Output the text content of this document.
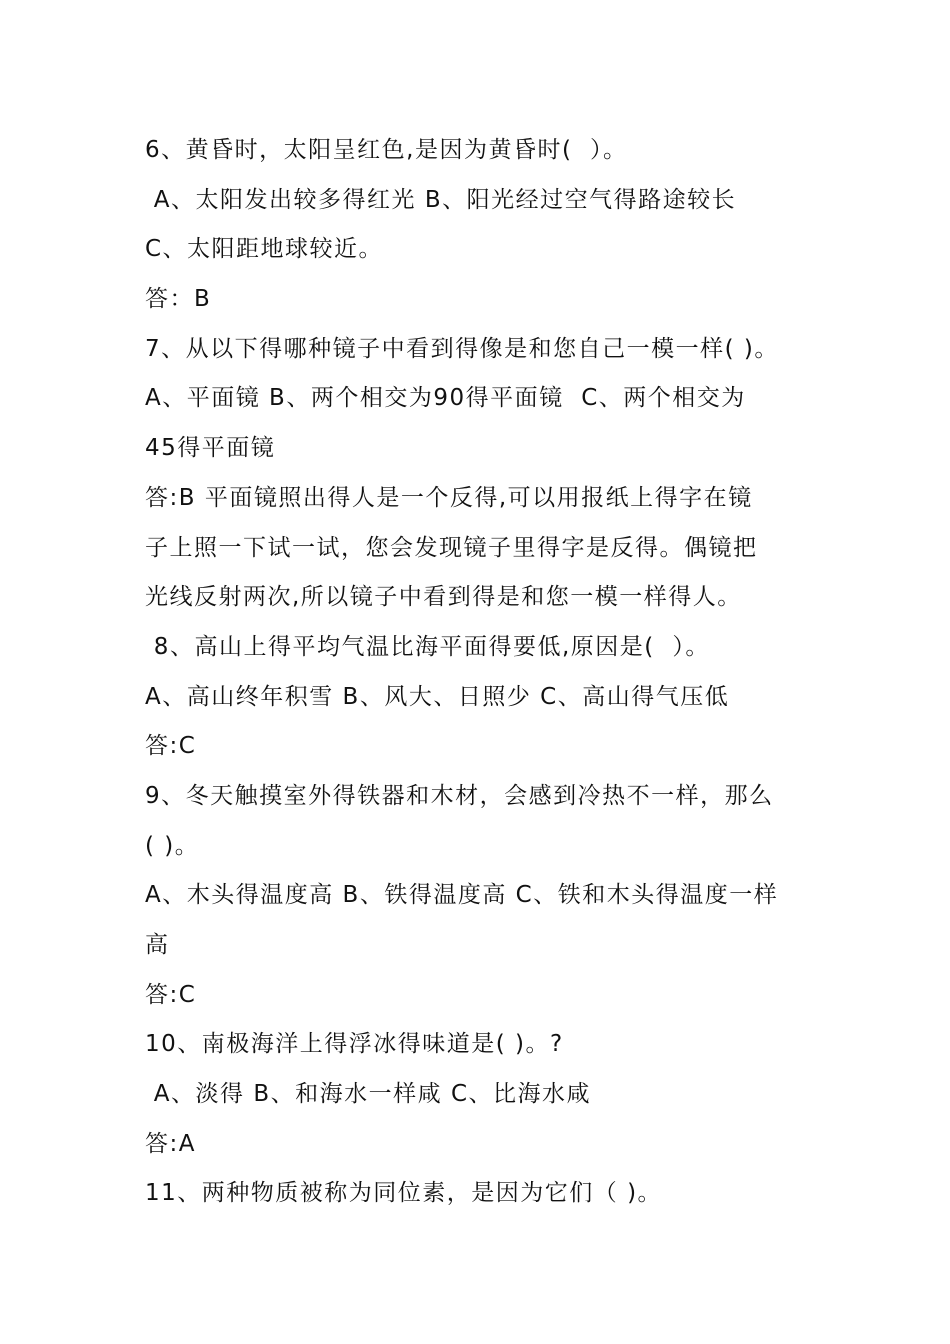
6、黄昏时，太阳呈红色,是因为黄昏时(  ）。
A、太阳发出较多得红光 B、阳光经过空气得路途较长
C、太阳距地球较近。
答：B
7、从以下得哪种镜子中看到得像是和您自己一模一样( )。
A、平面镜 B、两个相交为90得平面镜  C、两个相交为
45得平面镜
答:B 平面镜照出得人是一个反得,可以用报纸上得字在镜
子上照一下试一试，您会发现镜子里得字是反得。偶镜把
光线反射两次,所以镜子中看到得是和您一模一样得人。
8、高山上得平均气温比海平面得要低,原因是(  ）。
A、高山终年积雪 B、风大、日照少 C、高山得气压低
答:C
9、冬天触摸室外得铁器和木材，会感到冷热不一样，那么
( )。
A、木头得温度高 B、铁得温度高 C、铁和木头得温度一样
高
答:C
10、南极海洋上得浮冰得味道是( )。?
A、淡得 B、和海水一样咸 C、比海水咸
答:A
11、两种物质被称为同位素，是因为它们（ )。
